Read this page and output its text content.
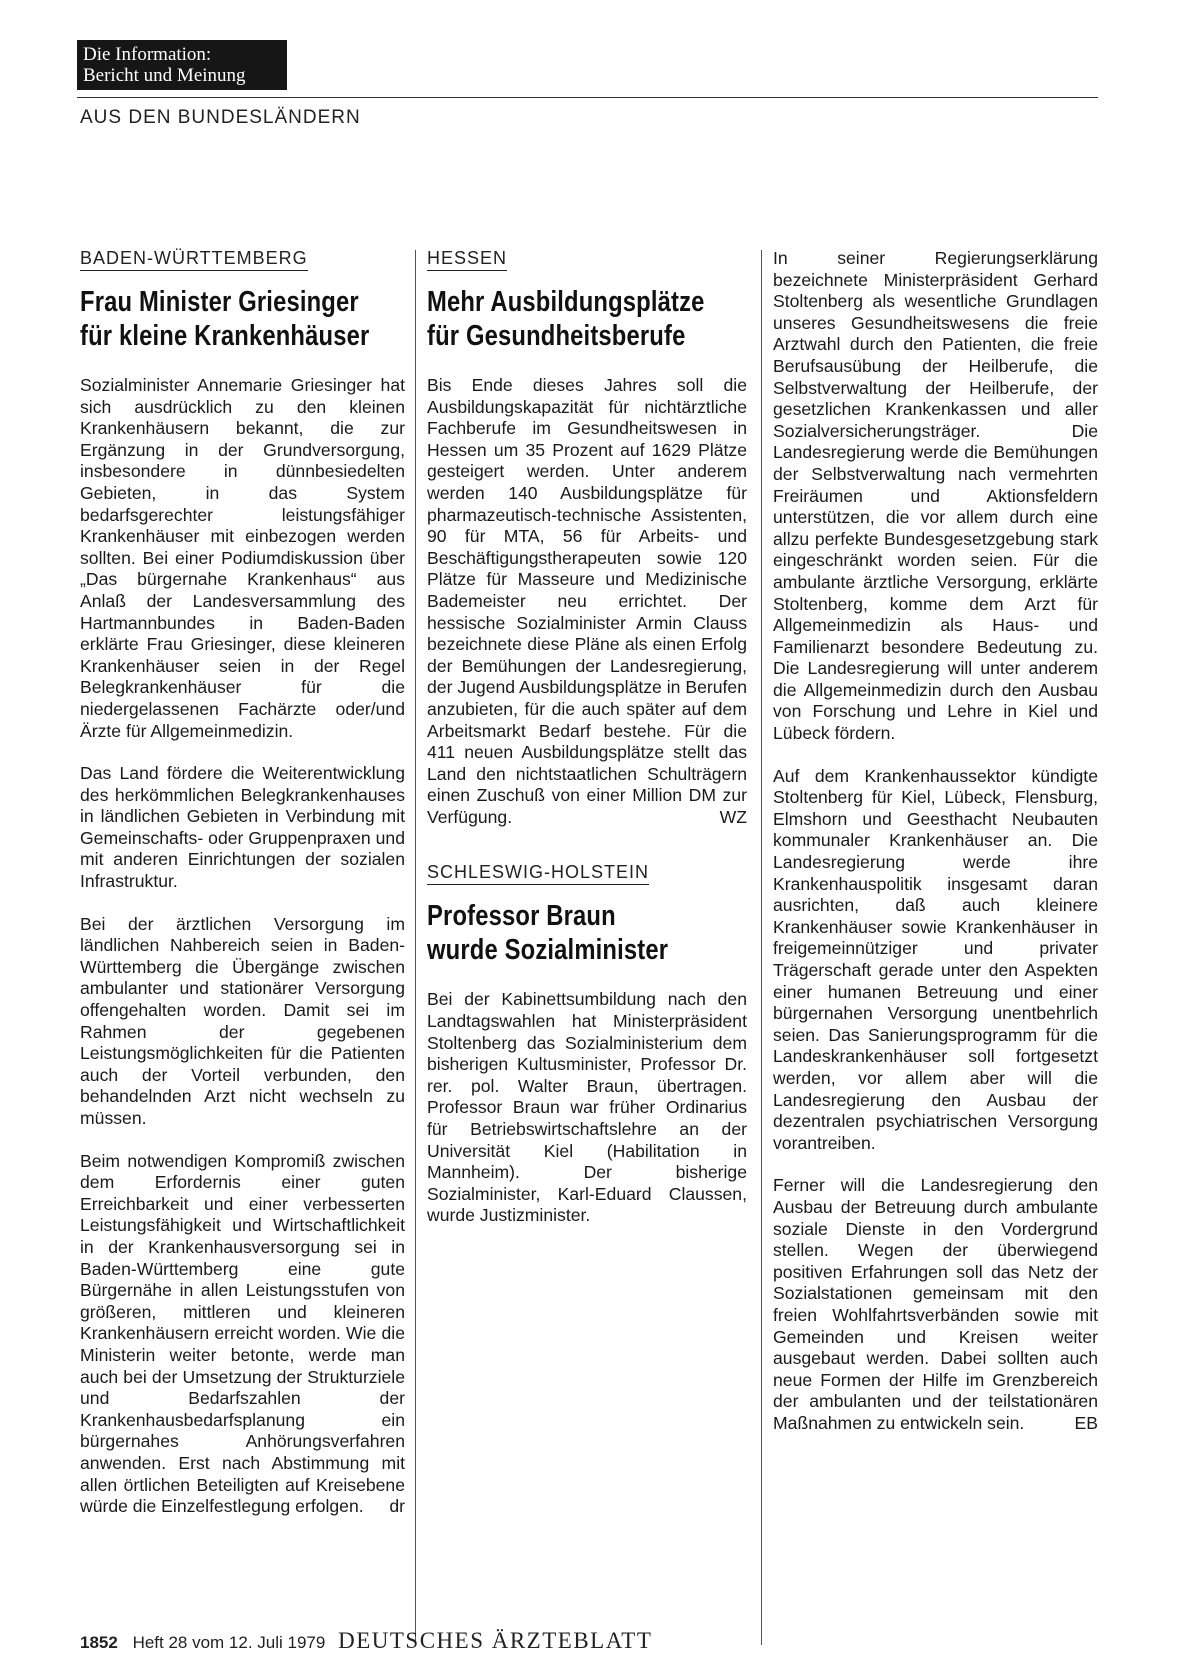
Die Information:
Bericht und Meinung
AUS DEN BUNDESLÄNDERN
BADEN-WÜRTTEMBERG
Frau Minister Griesinger
für kleine Krankenhäuser

Sozialminister Annemarie Griesinger hat sich ausdrücklich zu den kleinen Krankenhäusern bekannt, die zur Ergänzung in der Grundversorgung, insbesondere in dünnbesiedelten Gebieten, in das System bedarfsgerechter leistungsfähiger Krankenhäuser mit einbezogen werden sollten. Bei einer Podiumdiskussion über „Das bürgernahe Krankenhaus“ aus Anlaß der Landesversammlung des Hartmannbundes in Baden-Baden erklärte Frau Griesinger, diese kleineren Krankenhäuser seien in der Regel Belegkrankenhäuser für die niedergelassenen Fachärzte oder/und Ärzte für Allgemeinmedizin.

Das Land fördere die Weiterentwicklung des herkömmlichen Belegkrankenhauses in ländlichen Gebieten in Verbindung mit Gemeinschafts- oder Gruppenpraxen und mit anderen Einrichtungen der sozialen Infrastruktur.

Bei der ärztlichen Versorgung im ländlichen Nahbereich seien in Baden-Württemberg die Übergänge zwischen ambulanter und stationärer Versorgung offengehalten worden. Damit sei im Rahmen der gegebenen Leistungsmöglichkeiten für die Patienten auch der Vorteil verbunden, den behandelnden Arzt nicht wechseln zu müssen.

Beim notwendigen Kompromiß zwischen dem Erfordernis einer guten Erreichbarkeit und einer verbesserten Leistungsfähigkeit und Wirtschaftlichkeit in der Krankenhausversorgung sei in Baden-Württemberg eine gute Bürgernähe in allen Leistungsstufen von größeren, mittleren und kleineren Krankenhäusern erreicht worden. Wie die Ministerin weiter betonte, werde man auch bei der Umsetzung der Strukturziele und Bedarfszahlen der Krankenhausbedarfsplanung ein bürgernahes Anhörungsverfahren anwenden. Erst nach Abstimmung mit allen örtlichen Beteiligten auf Kreisebene würde die Einzelfestlegung erfolgen. dr

HESSEN
Mehr Ausbildungsplätze
für Gesundheitsberufe

Bis Ende dieses Jahres soll die Ausbildungskapazität für nichtärztliche Fachberufe im Gesundheitswesen in Hessen um 35 Prozent auf 1629 Plätze gesteigert werden. Unter anderem werden 140 Ausbildungsplätze für pharmazeutisch-technische Assistenten, 90 für MTA, 56 für Arbeits- und Beschäftigungstherapeuten sowie 120 Plätze für Masseure und Medizinische Bademeister neu errichtet. Der hessische Sozialminister Armin Clauss bezeichnete diese Pläne als einen Erfolg der Bemühungen der Landesregierung, der Jugend Ausbildungsplätze in Berufen anzubieten, für die auch später auf dem Arbeitsmarkt Bedarf bestehe. Für die 411 neuen Ausbildungsplätze stellt das Land den nichtstaatlichen Schulträgern einen Zuschuß von einer Million DM zur Verfügung.	WZ

SCHLESWIG-HOLSTEIN
Professor Braun
wurde Sozialminister

Bei der Kabinettsumbildung nach den Landtagswahlen hat Ministerpräsident Stoltenberg das Sozialministerium dem bisherigen Kultusminister, Professor Dr. rer. pol. Walter Braun, übertragen. Professor Braun war früher Ordinarius für Betriebswirtschaftslehre an der Universität Kiel (Habilitation in Mannheim). Der bisherige Sozialminister, Karl-Eduard Claussen, wurde Justizminister.

In seiner Regierungserklärung bezeichnete Ministerpräsident Gerhard Stoltenberg als wesentliche Grundlagen unseres Gesundheitswesens die freie Arztwahl durch den Patienten, die freie Berufsausübung der Heilberufe, die Selbstverwaltung der Heilberufe, der gesetzlichen Krankenkassen und aller Sozialversicherungsträger. Die Landesregierung werde die Bemühungen der Selbstverwaltung nach vermehrten Freiräumen und Aktionsfeldern unterstützen, die vor allem durch eine allzu perfekte Bundesgesetzgebung stark eingeschränkt worden seien. Für die ambulante ärztliche Versorgung, erklärte Stoltenberg, komme dem Arzt für Allgemeinmedizin als Haus- und Familienarzt besondere Bedeutung zu. Die Landesregierung will unter anderem die Allgemeinmedizin durch den Ausbau von Forschung und Lehre in Kiel und Lübeck fördern.

Auf dem Krankenhaussektor kündigte Stoltenberg für Kiel, Lübeck, Flensburg, Elmshorn und Geesthacht Neubauten kommunaler Krankenhäuser an. Die Landesregierung werde ihre Krankenhauspolitik insgesamt daran ausrichten, daß auch kleinere Krankenhäuser sowie Krankenhäuser in freigemeinnütziger und privater Trägerschaft gerade unter den Aspekten einer humanen Betreuung und einer bürgernahen Versorgung unentbehrlich seien. Das Sanierungsprogramm für die Landeskrankenhäuser soll fortgesetzt werden, vor allem aber will die Landesregierung den Ausbau der dezentralen psychiatrischen Versorgung vorantreiben.

Ferner will die Landesregierung den Ausbau der Betreuung durch ambulante soziale Dienste in den Vordergrund stellen. Wegen der überwiegend positiven Erfahrungen soll das Netz der Sozialstationen gemeinsam mit den freien Wohlfahrtsverbänden sowie mit Gemeinden und Kreisen weiter ausgebaut werden. Dabei sollten auch neue Formen der Hilfe im Grenzbereich der ambulanten und der teilstationären Maßnahmen zu entwickeln sein.	EB

1852 Heft 28 vom 12. Juli 1979 DEUTSCHES ÄRZTEBLATT
